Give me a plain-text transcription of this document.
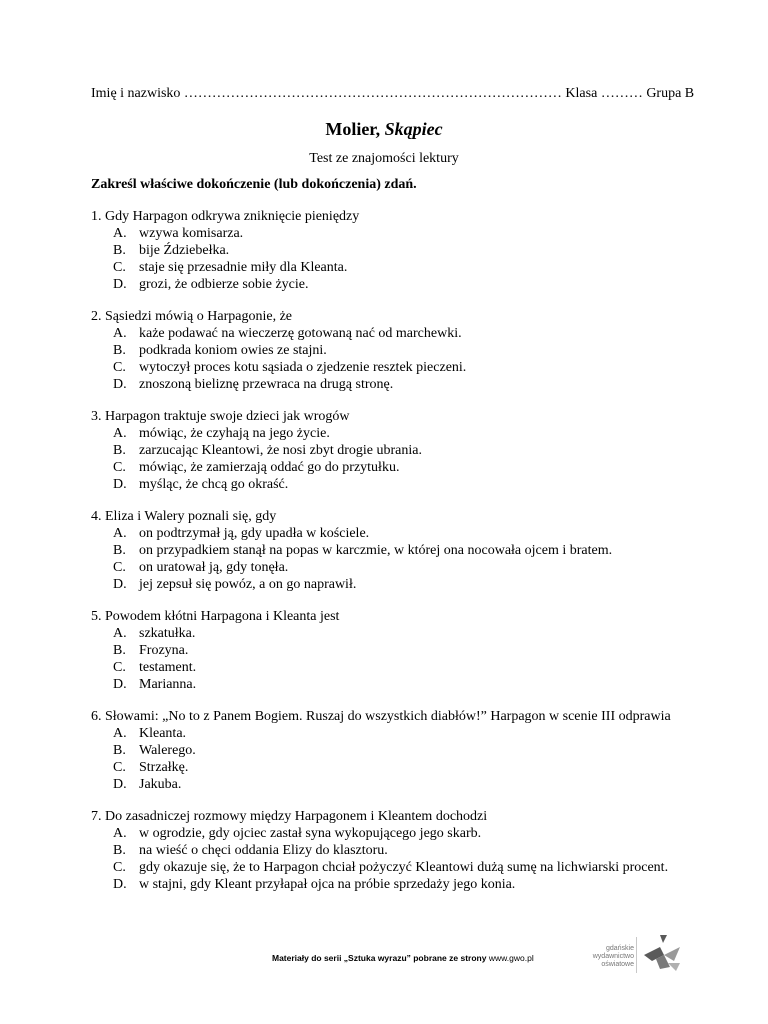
Imię i nazwisko ……………………………………………………………………… Klasa ……… Grupa B
Molier, Skąpiec
Test ze znajomości lektury
Zakreśl właściwe dokończenie (lub dokończenia) zdań.
1. Gdy Harpagon odkrywa zniknięcie pieniędzy
A. wzywa komisarza.
B. bije Ździebełka.
C. staje się przesadnie miły dla Kleanta.
D. grozi, że odbierze sobie życie.
2. Sąsiedzi mówią o Harpagonie, że
A. każe podawać na wieczerzę gotowaną nać od marchewki.
B. podkrada koniom owies ze stajni.
C. wytoczył proces kotu sąsiada o zjedzenie resztek pieczeni.
D. znoszoną bieliznę przewraca na drugą stronę.
3. Harpagon traktuje swoje dzieci jak wrogów
A. mówiąc, że czyhają na jego życie.
B. zarzucając Kleantowi, że nosi zbyt drogie ubrania.
C. mówiąc, że zamierzają oddać go do przytułku.
D. myśląc, że chcą go okraść.
4. Eliza i Walery poznali się, gdy
A. on podtrzymał ją, gdy upadła w kościele.
B. on przypadkiem stanął na popas w karczmie, w której ona nocowała ojcem i bratem.
C. on uratował ją, gdy tonęła.
D. jej zepsuł się powóz, a on go naprawił.
5. Powodem kłótni Harpagona i Kleanta jest
A. szkatułka.
B. Frozyna.
C. testament.
D. Marianna.
6. Słowami: „No to z Panem Bogiem. Ruszaj do wszystkich diabłów!” Harpagon w scenie III odprawia
A. Kleanta.
B. Walerego.
C. Strzałkę.
D. Jakuba.
7. Do zasadniczej rozmowy między Harpagonem i Kleantem dochodzi
A. w ogrodzie, gdy ojciec zastał syna wykopującego jego skarb.
B. na wieść o chęci oddania Elizy do klasztoru.
C. gdy okazuje się, że to Harpagon chciał pożyczyć Kleantowi dużą sumę na lichwiarski procent.
D. w stajni, gdy Kleant przyłapał ojca na próbie sprzedaży jego konia.
Materiały do serii „Sztuka wyrazu” pobrane ze strony www.gwo.pl
gdańskie
wydawnictwo
oświatowe
